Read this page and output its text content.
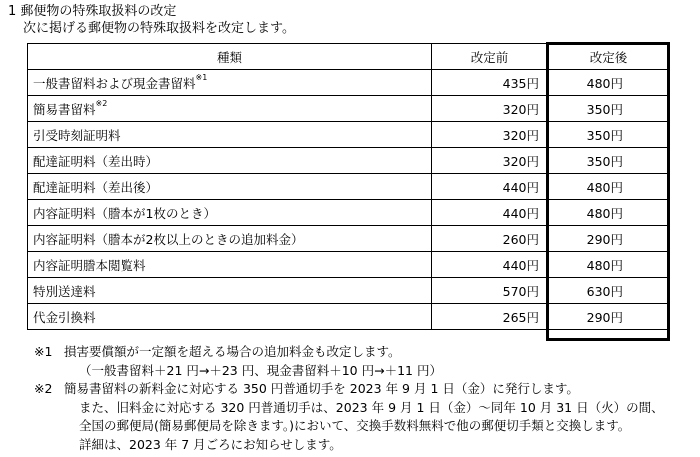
1 郵便物の特殊取扱料の改定
次に掲げる郵便物の特殊取扱料を改定します。
種類	改定前	改定後
一般書留料および現金書留料$^{※1}$	435円	480円
簡易書留料$^{※2}$	320円	350円
引受時刻証明料	320円	350円
配達証明料（差出時）	320円	350円
配達証明料（差出後）	440円	480円
内容証明料（謄本が1枚のとき）	440円	480円
内容証明料（謄本が2枚以上のときの追加料金）	260円	290円
内容証明謄本閲覧料	440円	480円
特別送達料	570円	630円
代金引換料	265円	290円
※1 損害要償額が一定額を超える場合の追加料金も改定します。
（一般書留料＋21 円→＋23 円、現金書留料＋10 円→＋11 円）
※2 簡易書留料の新料金に対応する 350 円普通切手を 2023 年 9 月 1 日（金）に発行します。
また、旧料金に対応する 320 円普通切手は、2023 年 9 月 1 日（金）～同年 10 月 31 日（火）の間、
全国の郵便局(簡易郵便局を除きます。)において、交換手数料無料で他の郵便切手類と交換します。
詳細は、2023 年 7 月ごろにお知らせします。
